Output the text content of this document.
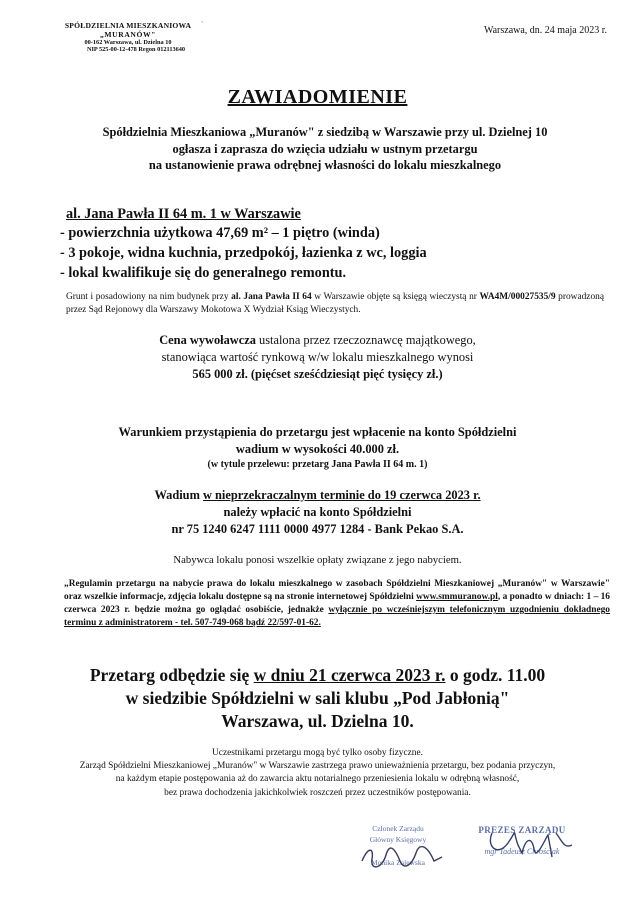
SPÓŁDZIELNIA MIESZKANIOWA
„MURANÓW"
00-162 Warszawa, ul. Dzielna 10
NIP 525-00-12-478 Regon 012113640
ˎ
Warszawa, dn. 24 maja 2023 r.
ZAWIADOMIENIE
Spółdzielnia Mieszkaniowa „Muranów" z siedzibą w Warszawie przy ul. Dzielnej 10
ogłasza i zaprasza do wzięcia udziału w ustnym przetargu
na ustanowienie prawa odrębnej własności do lokalu mieszkalnego
al. Jana Pawła II 64 m. 1 w Warszawie
- powierzchnia użytkowa 47,69 m² – 1 piętro (winda)
- 3 pokoje, widna kuchnia, przedpokój, łazienka z wc, loggia
- lokal kwalifikuje się do generalnego remontu.
Grunt i posadowiony na nim budynek przy al. Jana Pawła II 64 w Warszawie objęte są księgą wieczystą nr WA4M/00027535/9 prowadzoną przez Sąd Rejonowy dla Warszawy Mokotowa X Wydział Ksiąg Wieczystych.
Cena wywoławcza ustalona przez rzeczoznawcę majątkowego,
stanowiąca wartość rynkową w/w lokalu mieszkalnego wynosi
565 000 zł. (pięćset sześćdziesiąt pięć tysięcy zł.)
Warunkiem przystąpienia do przetargu jest wpłacenie na konto Spółdzielni
wadium w wysokości 40.000 zł.
(w tytule przelewu: przetarg Jana Pawła II 64 m. 1)
Wadium w nieprzekraczalnym terminie do 19 czerwca 2023 r.
należy wpłacić na konto Spółdzielni
nr 75 1240 6247 1111 0000 4977 1284 - Bank Pekao S.A.
Nabywca lokalu ponosi wszelkie opłaty związane z jego nabyciem.
„Regulamin przetargu na nabycie prawa do lokalu mieszkalnego w zasobach Spółdzielni Mieszkaniowej „Muranów" w Warszawie" oraz wszelkie informacje, zdjęcia lokalu dostępne są na stronie internetowej Spółdzielni www.smmuranow.pl, a ponadto w dniach: 1 – 16 czerwca 2023 r. będzie można go oglądać osobiście, jednakże wyłącznie po wcześniejszym telefonicznym uzgodnieniu dokładnego terminu z administratorem - tel. 507-749-068 bądź 22/597-01-62.
Przetarg odbędzie się w dniu 21 czerwca 2023 r. o godz. 11.00
w siedzibie Spółdzielni w sali klubu „Pod Jabłonią"
Warszawa, ul. Dzielna 10.
Uczestnikami przetargu mogą być tylko osoby fizyczne.
Zarząd Spółdzielni Mieszkaniowej „Muranów" w Warszawie zastrzega prawo unieważnienia przetargu, bez podania przyczyn,
na każdym etapie postępowania aż do zawarcia aktu notarialnego przeniesienia lokalu w odrębną własność,
bez prawa dochodzenia jakichkolwiek roszczeń przez uczestników postępowania.
Członek Zarządu
Główny Księgowy
Monika Zalewska
PREZES ZARZĄDU
mgr Tadeusz Chrościak
